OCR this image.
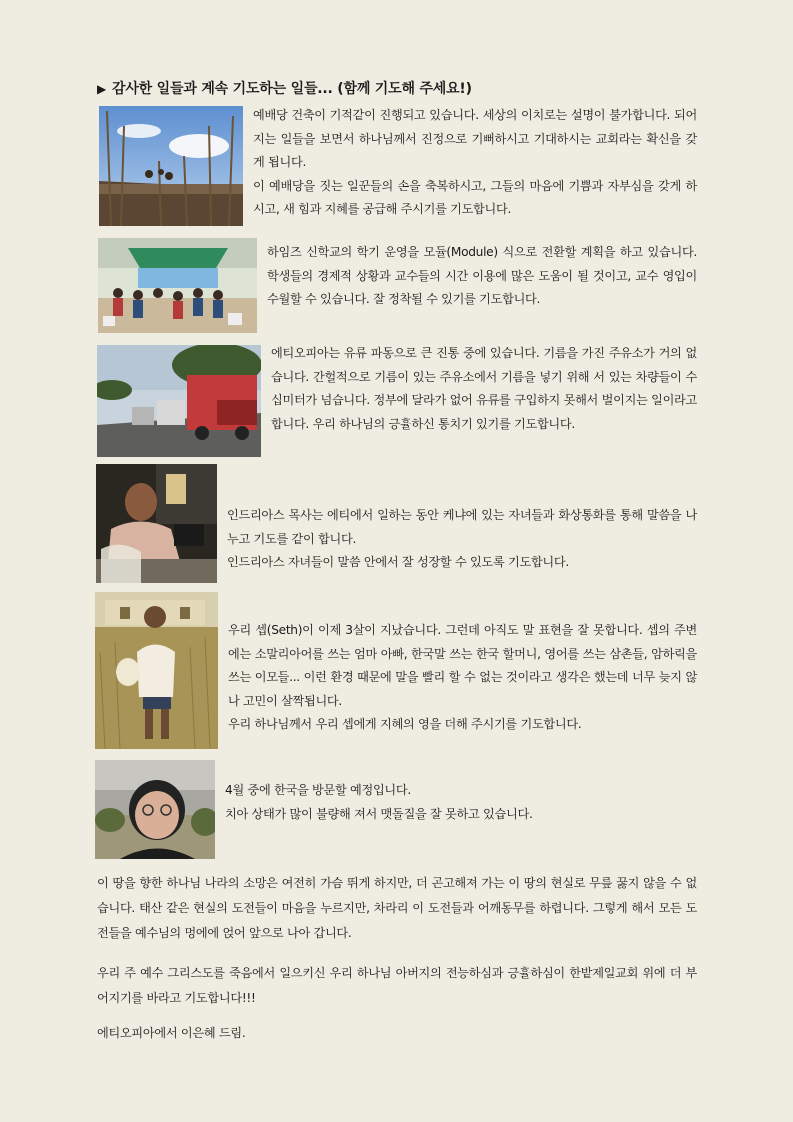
▶ 감사한 일들과 계속 기도하는 일들... (함께 기도해 주세요!)

예배당 건축이 기적같이 진행되고 있습니다. 세상의 이치로는 설명이 불가합니다. 되어지는 일들을 보면서 하나님께서 진정으로 기뻐하시고 기대하시는 교회라는 확신을 갖게 됩니다.

이 예배당을 짓는 일꾼들의 손을 축복하시고, 그들의 마음에 기쁨과 자부심을 갖게 하시고, 새 힘과 지혜를 공급해 주시기를 기도합니다.

하임즈 신학교의 학기 운영을 모듈(Module) 식으로 전환할 계획을 하고 있습니다. 학생들의 경제적 상황과 교수들의 시간 이용에 많은 도움이 될 것이고, 교수 영입이 수월할 수 있습니다. 잘 정착될 수 있기를 기도합니다.

에티오피아는 유류 파동으로 큰 진통 중에 있습니다. 기름을 가진 주유소가 거의 없습니다. 간헐적으로 기름이 있는 주유소에서 기름을 넣기 위해 서 있는 차량들이 수 십미터가 넘습니다. 정부에 달라가 없어 유류를 구입하지 못해서 벌이지는 일이라고 합니다. 우리 하나님의 긍휼하신 통치기 있기를 기도합니다.

인드리아스 목사는 에티에서 일하는 동안 케냐에 있는 자녀들과 화상통화를 통해 말씀을 나누고 기도를 같이 합니다.

인드리아스 자녀들이 말씀 안에서 잘 성장할 수 있도록 기도합니다.

우리 셉(Seth)이 이제 3살이 지났습니다. 그런데 아직도 말 표현을 잘 못합니다. 셉의 주변에는 소말리아어를 쓰는 엄마 아빠, 한국말 쓰는 한국 할머니, 영어를 쓰는 삼촌들, 암하릭을 쓰는 이모들... 이런 환경 때문에 말을 빨리 할 수 없는 것이라고 생각은 했는데 너무 늦지 않나 고민이 살짝됩니다.

우리 하나님께서 우리 셉에게 지혜의 영을 더해 주시기를 기도합니다.

4월 중에 한국을 방문할 예정입니다.

치아 상태가 많이 불량해 져서 맷돌질을 잘 못하고 있습니다.

이 땅을 향한 하나님 나라의 소망은 여전히 가슴 뛰게 하지만, 더 곤고해져 가는 이 땅의 현실로 무릎 꿇지 않을 수 없습니다. 태산 같은 현실의 도전들이 마음을 누르지만, 차라리 이 도전들과 어깨동무를 하렵니다. 그렇게 해서 모든 도전들을 예수님의 멍에에 얹어 앞으로 나아 갑니다.

우리 주 예수 그리스도를 죽음에서 일으키신 우리 하나님 아버지의 전능하심과 긍휼하심이 한밭제일교회 위에 더 부어지기를 바라고 기도합니다!!!

에티오피아에서 이은혜 드림.
